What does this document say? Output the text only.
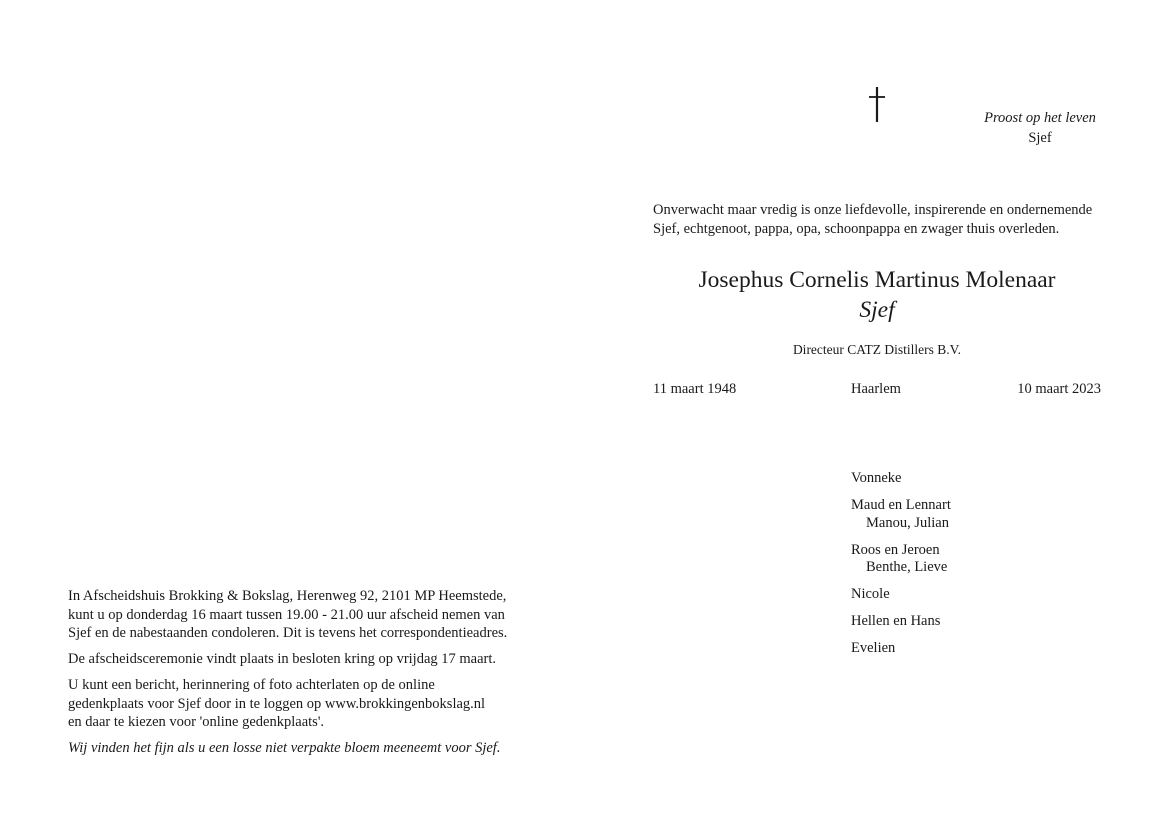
Proost op het leven
Sjef
Onverwacht maar vredig is onze liefdevolle, inspirerende en ondernemende
Sjef, echtgenoot, pappa, opa, schoonpappa en zwager thuis overleden.
Josephus Cornelis Martinus Molenaar
Sjef
Directeur CATZ Distillers B.V.
11 maart 1948	Haarlem	10 maart 2023
Vonneke
Maud en Lennart
Manou, Julian
Roos en Jeroen
Benthe, Lieve
Nicole
Hellen en Hans
Evelien

In Afscheidshuis Brokking & Bokslag, Herenweg 92, 2101 MP Heemstede,
kunt u op donderdag 16 maart tussen 19.00 - 21.00 uur afscheid nemen van
Sjef en de nabestaanden condoleren. Dit is tevens het correspondentieadres.

De afscheidsceremonie vindt plaats in besloten kring op vrijdag 17 maart.

U kunt een bericht, herinnering of foto achterlaten op de online
gedenkplaats voor Sjef door in te loggen op www.brokkingenbokslag.nl
en daar te kiezen voor 'online gedenkplaats'.

Wij vinden het fijn als u een losse niet verpakte bloem meeneemt voor Sjef.
